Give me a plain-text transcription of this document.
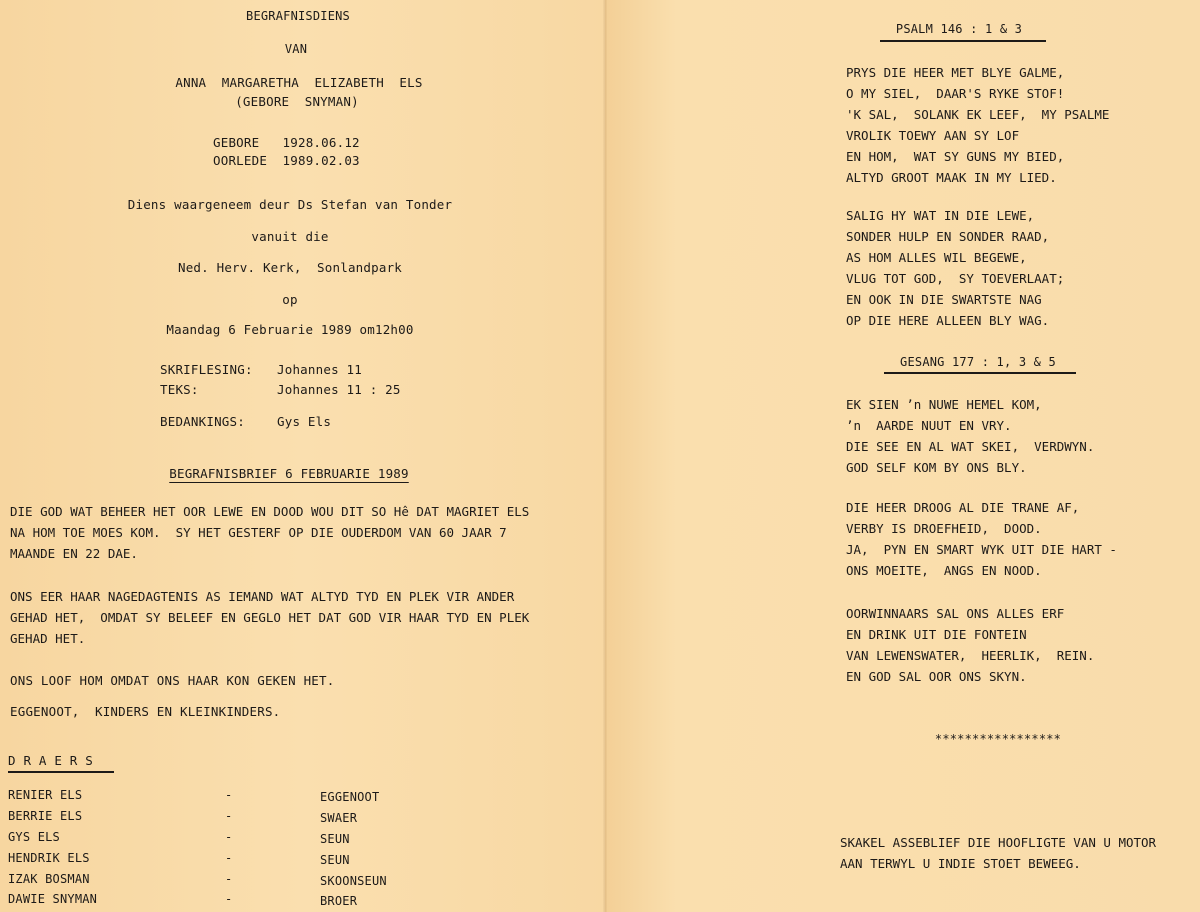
BEGRAFNISDIENS

VAN

ANNA  MARGARETHA  ELIZABETH  ELS

(GEBORE  SNYMAN)

GEBORE   1928.06.12

OORLEDE  1989.02.03

Diens waargeneem deur Ds Stefan van Tonder

vanuit die

Ned. Herv. Kerk,  Sonlandpark

op

Maandag 6 Februarie 1989 om12h00

SKRIFLESING: Johannes 11

TEKS:	Johannes 11 : 25

BEDANKINGS:	Gys Els

BEGRAFNISBRIEF 6 FEBRUARIE 1989

DIE GOD WAT BEHEER HET OOR LEWE EN DOOD WOU DIT SO Hê DAT MAGRIET ELS
NA HOM TOE MOES KOM.  SY HET GESTERF OP DIE OUDERDOM VAN 60 JAAR 7
MAANDE EN 22 DAE.
ONS EER HAAR NAGEDAGTENIS AS IEMAND WAT ALTYD TYD EN PLEK VIR ANDER
GEHAD HET,  OMDAT SY BELEEF EN GEGLO HET DAT GOD VIR HAAR TYD EN PLEK
GEHAD HET.

ONS LOOF HOM OMDAT ONS HAAR KON GEKEN HET.

EGGENOOT,  KINDERS EN KLEINKINDERS.

D R A E R S

RENIER ELS	-	EGGENOOT

BERRIE ELS	-	SWAER

GYS ELS	-	SEUN

HENDRIK ELS	-	SEUN

IZAK BOSMAN	-	SKOONSEUN

DAWIE SNYMAN	-	BROER

PSALM 146 : 1 & 3

PRYS DIE HEER MET BLYE GALME,
O MY SIEL,  DAAR'S RYKE STOF!
'K SAL,  SOLANK EK LEEF,  MY PSALME
VROLIK TOEWY AAN SY LOF
EN HOM,  WAT SY GUNS MY BIED,
ALTYD GROOT MAAK IN MY LIED.
SALIG HY WAT IN DIE LEWE,
SONDER HULP EN SONDER RAAD,
AS HOM ALLES WIL BEGEWE,
VLUG TOT GOD,  SY TOEVERLAAT;
EN OOK IN DIE SWARTSTE NAG
OP DIE HERE ALLEEN BLY WAG.

GESANG 177 : 1, 3 & 5

EK SIEN ʼn NUWE HEMEL KOM,
ʼn  AARDE NUUT EN VRY.
DIE SEE EN AL WAT SKEI,  VERDWYN.
GOD SELF KOM BY ONS BLY.
DIE HEER DROOG AL DIE TRANE AF,
VERBY IS DROEFHEID,  DOOD.
JA,  PYN EN SMART WYK UIT DIE HART -
ONS MOEITE,  ANGS EN NOOD.
OORWINNAARS SAL ONS ALLES ERF
EN DRINK UIT DIE FONTEIN
VAN LEWENSWATER,  HEERLIK,  REIN.
EN GOD SAL OOR ONS SKYN.

*****************

SKAKEL ASSEBLIEF DIE HOOFLIGTE VAN U MOTOR
AAN TERWYL U INDIE STOET BEWEEG.
